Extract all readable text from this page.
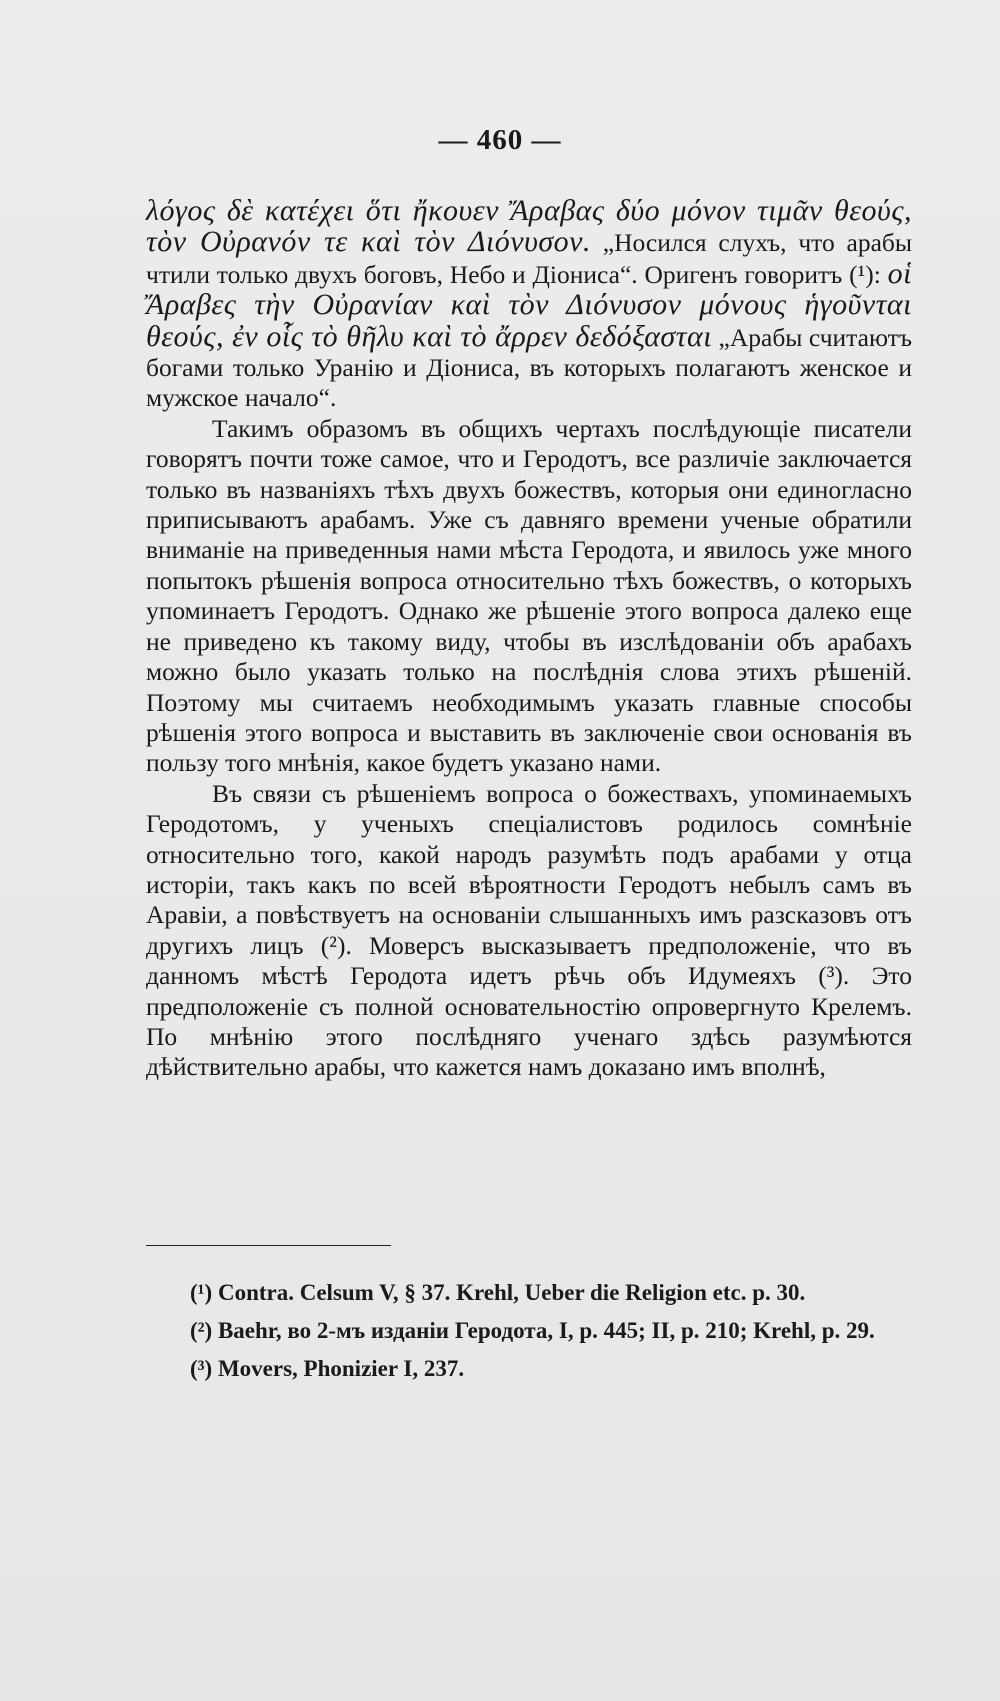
— 460 —

λόγος δὲ κατέχει ὅτι ἤκουεν Ἄραβας δύο μόνον τιμᾶν θεούς, τὸν Οὐρανόν τε καὶ τὸν Διόνυσον. „Носился слухъ, что арабы чтили только двухъ боговъ, Небо и Діониса“. Оригенъ говоритъ (¹): οἱ Ἄραβες τὴν Οὐρανίαν καὶ τὸν Διόνυσον μόνους ἡγοῦνται θεούς, ἐν οἷς τὸ θῆλυ καὶ τὸ ἄρρεν δεδόξασται „Арабы считаютъ богами только Уранію и Діониса, въ которыхъ полагаютъ женское и мужское начало“.

Такимъ образомъ въ общихъ чертахъ послѣдующіе писатели говорятъ почти тоже самое, что и Геродотъ, все различіе заключается только въ названіяхъ тѣхъ двухъ божествъ, которыя они единогласно приписываютъ арабамъ. Уже съ давняго времени ученые обратили вниманіе на приведенныя нами мѣста Геродота, и явилось уже много попытокъ рѣшенія вопроса относительно тѣхъ божествъ, о которыхъ упоминаетъ Геродотъ. Однако же рѣшеніе этого вопроса далеко еще не приведено къ такому виду, чтобы въ изслѣдованіи объ арабахъ можно было указать только на послѣднія слова этихъ рѣшеній. Поэтому мы считаемъ необходимымъ указать главные способы рѣшенія этого вопроса и выставить въ заключеніе свои основанія въ пользу того мнѣнія, какое будетъ указано нами.

Въ связи съ рѣшеніемъ вопроса о божествахъ, упоминаемыхъ Геродотомъ, у ученыхъ спеціалистовъ родилось сомнѣніе относительно того, какой народъ разумѣть подъ арабами у отца исторіи, такъ какъ по всей вѣроятности Геродотъ небылъ самъ въ Аравіи, а повѣствуетъ на основаніи слышанныхъ имъ разсказовъ отъ другихъ лицъ (²). Моверсъ высказываетъ предположеніе, что въ данномъ мѣстѣ Геродота идетъ рѣчь объ Идумеяхъ (³). Это предположеніе съ полной основательностію опровергнуто Крелемъ. По мнѣнію этого послѣдняго ученаго здѣсь разумѣются дѣйствительно арабы, что кажется намъ доказано имъ вполнѣ,

(¹) Contra. Celsum V, § 37. Krehl, Ueber die Religion etc. p. 30.

(²) Baehr, во 2-мъ изданіи Геродота, I, p. 445; II, p. 210; Krehl, p. 29.

(³) Movers, Phonizier I, 237.
